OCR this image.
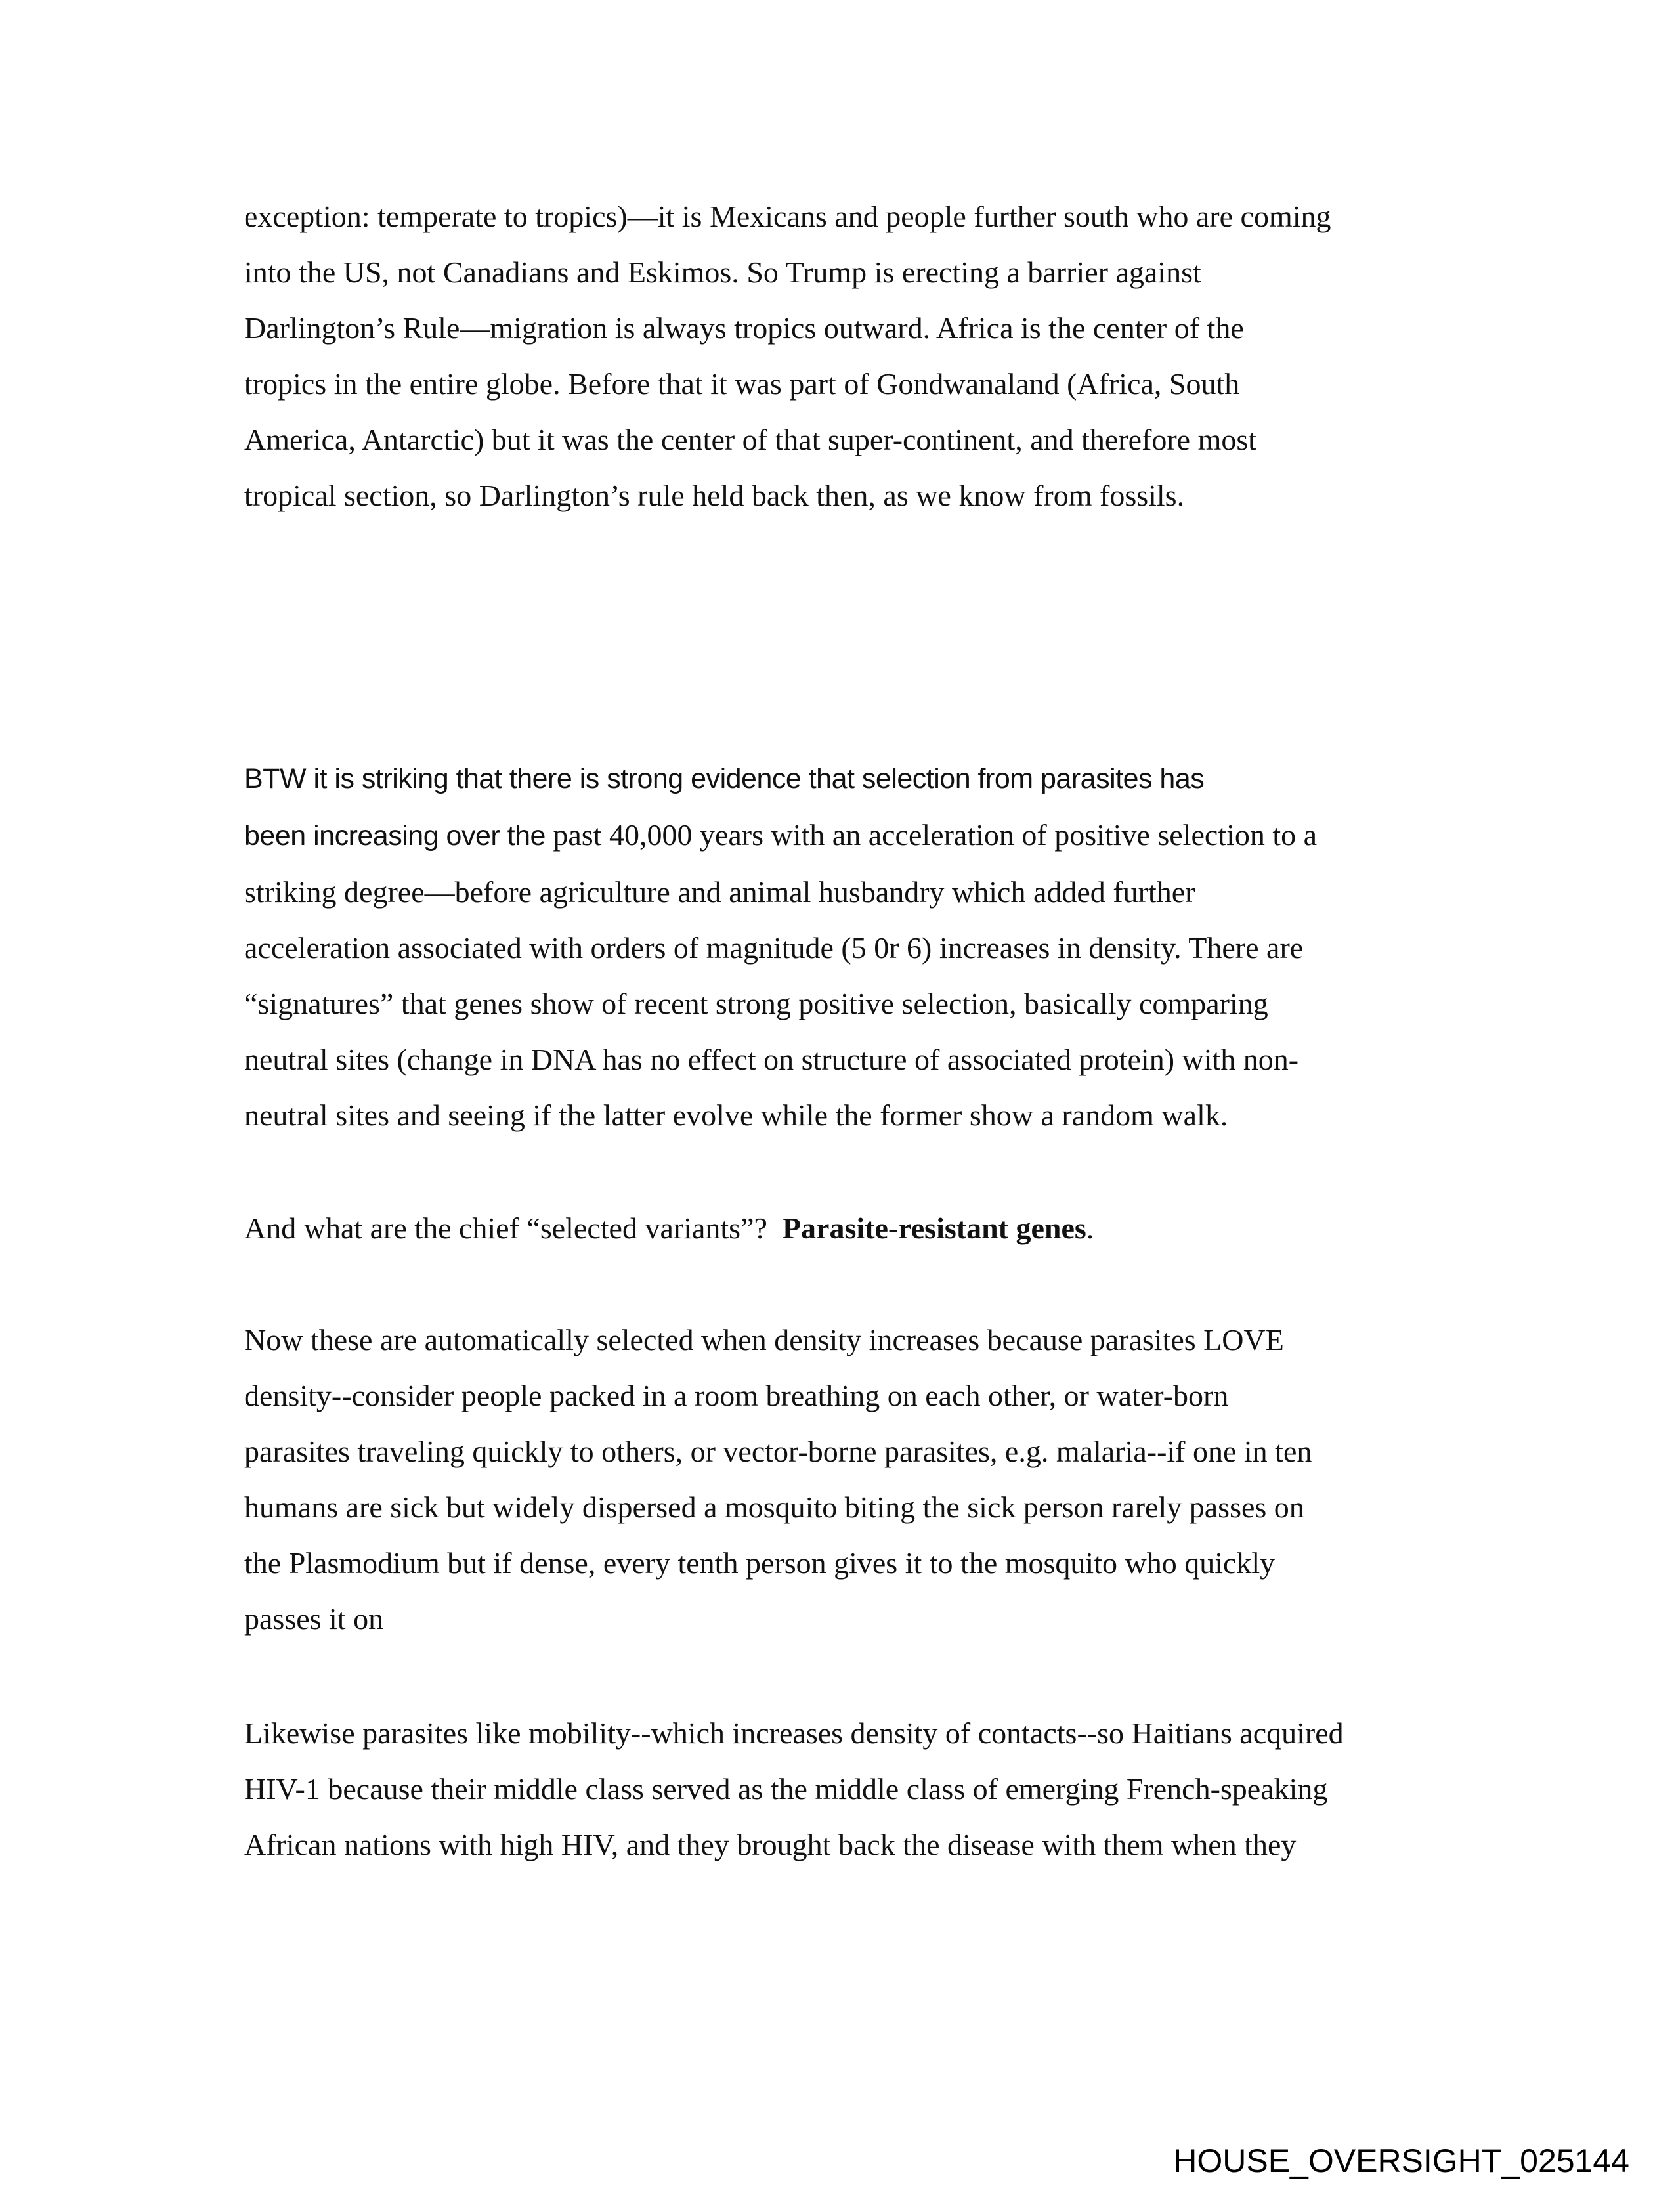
exception: temperate to tropics)—it is Mexicans and people further south who are coming
into the US, not Canadians and Eskimos. So Trump is erecting a barrier against
Darlington’s Rule—migration is always tropics outward. Africa is the center of the
tropics in the entire globe. Before that it was part of Gondwanaland (Africa, South
America, Antarctic) but it was the center of that super-continent, and therefore most
tropical section, so Darlington’s rule held back then, as we know from fossils.
BTW it is striking that there is strong evidence that selection from parasites has
been increasing over the past 40,000 years with an acceleration of positive selection to a
striking degree—before agriculture and animal husbandry which added further
acceleration associated with orders of magnitude (5 0r 6) increases in density. There are
“signatures” that genes show of recent strong positive selection, basically comparing
neutral sites (change in DNA has no effect on structure of associated protein) with non-
neutral sites and seeing if the latter evolve while the former show a random walk.
And what are the chief “selected variants”?  Parasite-resistant genes.
Now these are automatically selected when density increases because parasites LOVE
density--consider people packed in a room breathing on each other, or water-born
parasites traveling quickly to others, or vector-borne parasites, e.g. malaria--if one in ten
humans are sick but widely dispersed a mosquito biting the sick person rarely passes on
the Plasmodium but if dense, every tenth person gives it to the mosquito who quickly
passes it on
Likewise parasites like mobility--which increases density of contacts--so Haitians acquired
HIV-1 because their middle class served as the middle class of emerging French-speaking
African nations with high HIV, and they brought back the disease with them when they
HOUSE_OVERSIGHT_025144
